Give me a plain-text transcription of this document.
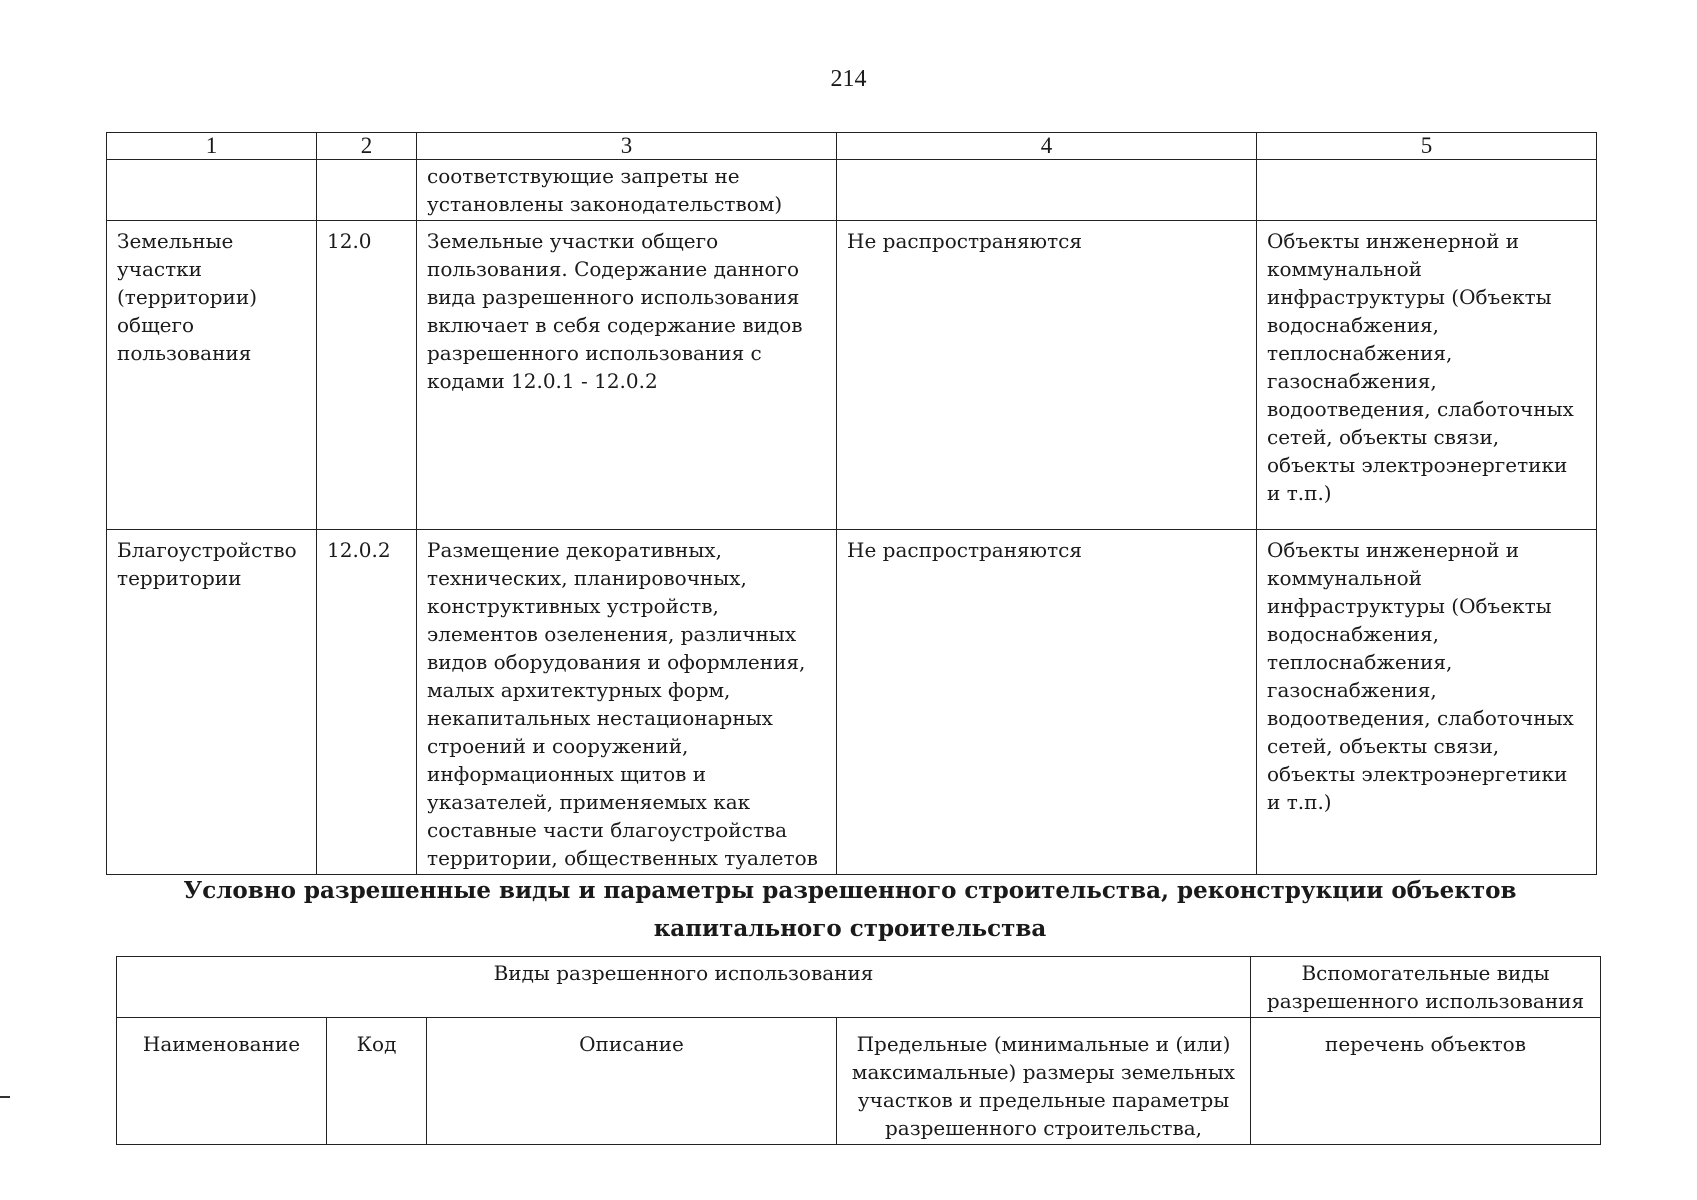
214
1	2	3	4	5
		соответствующие запреты не установлены законодательством)		
Земельные участки (территории) общего пользования	12.0	Земельные участки общего пользования. Содержание данного вида разрешенного использования включает в себя содержание видов разрешенного использования с кодами 12.0.1 - 12.0.2	Не распространяются	Объекты инженерной и коммунальной инфраструктуры (Объекты водоснабжения, теплоснабжения, газоснабжения, водоотведения, слаботочных сетей, объекты связи, объекты электроэнергетики и т.п.)
Благоустройство территории	12.0.2	Размещение декоративных, технических, планировочных, конструктивных устройств, элементов озеленения, различных видов оборудования и оформления, малых архитектурных форм, некапитальных нестационарных строений и сооружений, информационных щитов и указателей, применяемых как составные части благоустройства территории, общественных туалетов	Не распространяются	Объекты инженерной и коммунальной инфраструктуры (Объекты водоснабжения, теплоснабжения, газоснабжения, водоотведения, слаботочных сетей, объекты связи, объекты электроэнергетики и т.п.)
Условно разрешенные виды и параметры разрешенного строительства, реконструкции объектов капитального строительства
Виды разрешенного использования				Вспомогательные виды разрешенного использования
Наименование	Код	Описание	Предельные (минимальные и (или) максимальные) размеры земельных участков и предельные параметры разрешенного строительства,	перечень объектов
